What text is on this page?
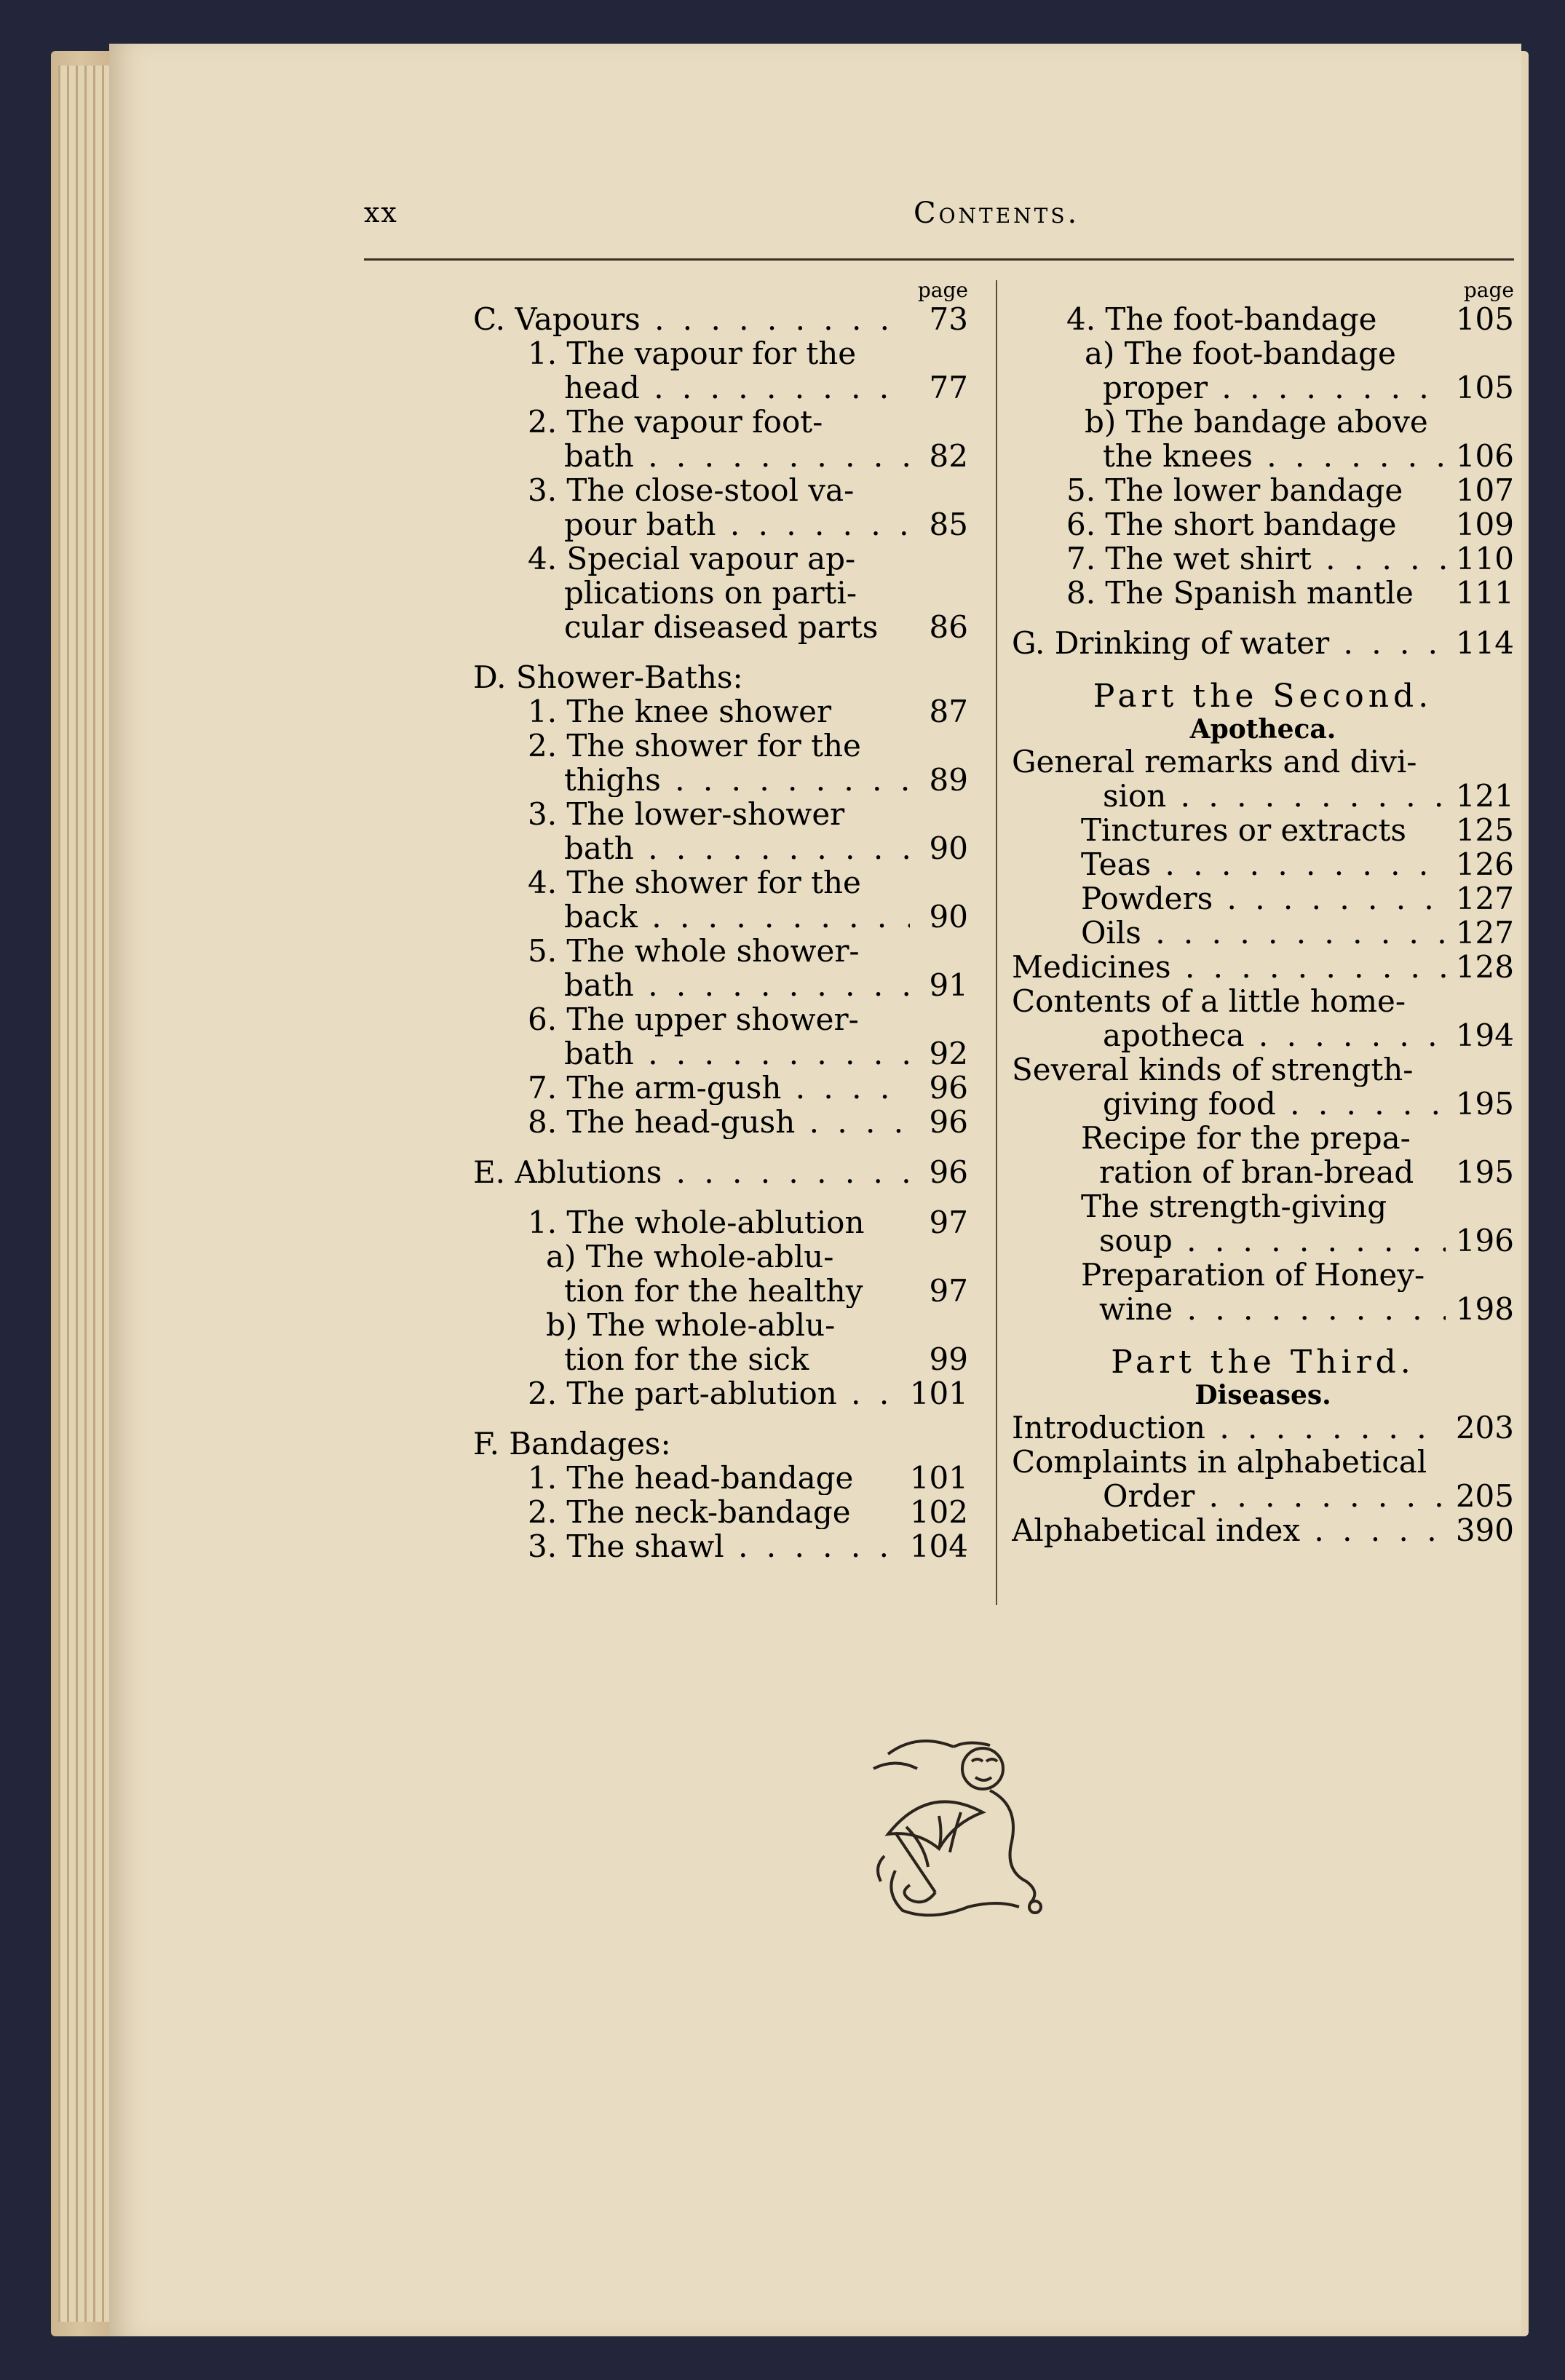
xx	Contents.
page
C. Vapours . . .	73
1. The vapour for the
head . . .	77
2. The vapour foot-
bath . . .	82
3. The close-stool va-
pour bath . . .	85
4. Special vapour ap-
plications on parti-
cular diseased parts	86
D. Shower-Baths:
1. The knee shower	87
2. The shower for the
thighs . . .	89
3. The lower-shower
bath . . .	90
4. The shower for the
back . . .	90
5. The whole shower-
bath . . .	91
6. The upper shower-
bath . . .	92
7. The arm-gush . . .	96
8. The head-gush . . .	96
E. Ablutions . . .	96
1. The whole-ablution	97
a) The whole-ablu-
tion for the healthy	97
b) The whole-ablu-
tion for the sick	99
2. The part-ablution . . .	101
F. Bandages:
1. The head-bandage	101
2. The neck-bandage	102
3. The shawl . . .	104
page
4. The foot-bandage	105
a) The foot-bandage
proper . . .	105
b) The bandage above
the knees . . .	106
5. The lower bandage	107
6. The short bandage	109
7. The wet shirt . . .	110
8. The Spanish mantle	111
G. Drinking of water . . .	114
Part the Second.
Apotheca.
General remarks and divi-
sion . . .	121
Tinctures or extracts	125
Teas . . .	126
Powders . . .	127
Oils . . .	127
Medicines . . .	128
Contents of a little home-
apotheca . . .	194
Several kinds of strength-
giving food . . .	195
Recipe for the prepa-
ration of bran-bread	195
The strength-giving
soup . . .	196
Preparation of Honey-
wine . . .	198
Part the Third.
Diseases.
Introduction . . .	203
Complaints in alphabetical
Order . . .	205
Alphabetical index . . .	390
